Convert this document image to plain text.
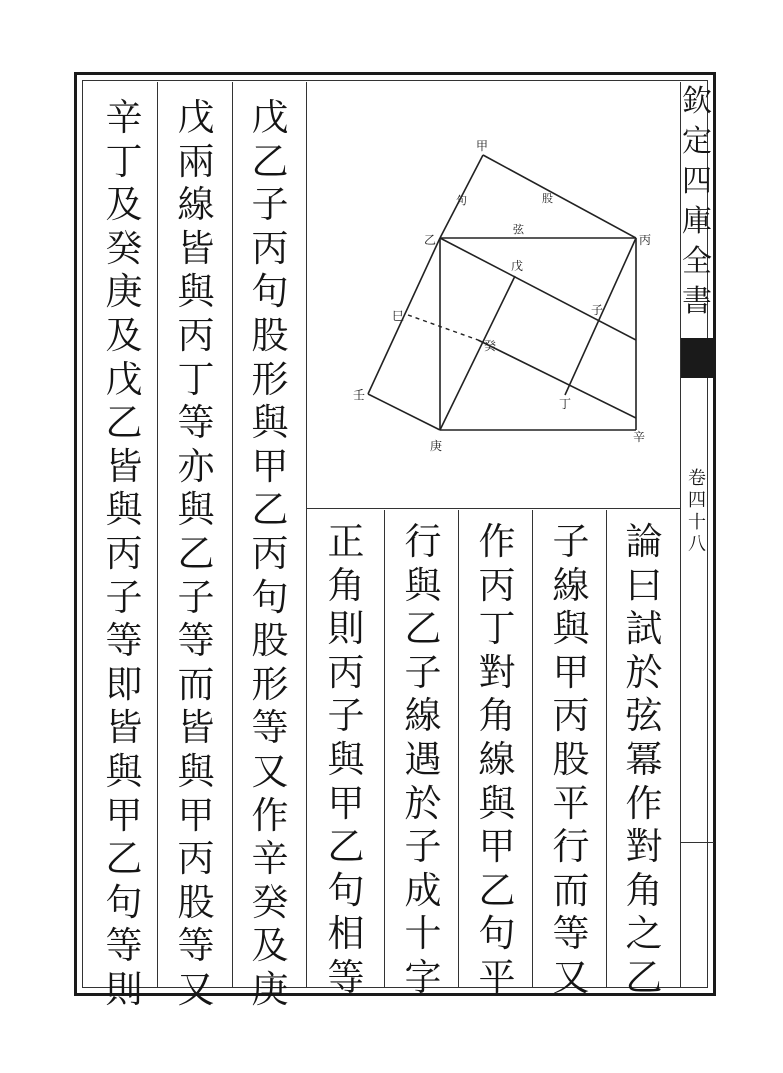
辛
丁
及
癸
庚
及
戊
乙
皆
與
丙
子
等
即
皆
與
甲
乙
句
等
則
戊
兩
線
皆
與
丙
丁
等
亦
與
乙
子
等
而
皆
與
甲
丙
股
等
又
戊
乙
子
丙
句
股
形
與
甲
乙
丙
句
股
形
等
又
作
辛
癸
及
庚
正
角
則
丙
子
與
甲
乙
句
相
等
行
與
乙
子
線
遇
於
子
成
十
字
作
丙
丁
對
角
線
與
甲
乙
句
平
子
線
與
甲
丙
股
平
行
而
等
又
論
曰
試
於
弦
冪
作
對
角
之
乙
欽
定
四
庫
全
書
卷
四
十
八
甲
乙	丙
戊
子
巳
癸
壬
丁
庚
辛
句	股
弦
